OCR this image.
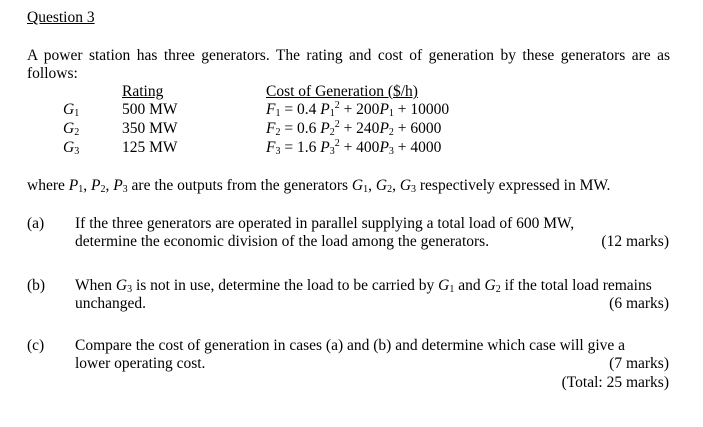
Question 3
A power station has three generators. The rating and cost of generation by these generators are as follows:
Rating	Cost of Generation ($/h)
$G_1$	500 MW	$F_1 = 0.4$ $P_1^2 + 200P_1 + 10000$
$G_2$	350 MW	$F_2 = 0.6$ $P_2^2 + 240P_2 + 6000$
$G_3$	125 MW	$F_3 = 1.6$ $P_3^2 + 400P_3 + 4000$
where $P_1$, $P_2$, $P_3$ are the outputs from the generators $G_1$, $G_2$, $G_3$ respectively expressed in MW.
(a) If the three generators are operated in parallel supplying a total load of 600 MW, determine the economic division of the load among the generators.	(12 marks)
(b) When $G_3$ is not in use, determine the load to be carried by $G_1$ and $G_2$ if the total load remains unchanged.	(6 marks)
(c) Compare the cost of generation in cases (a) and (b) and determine which case will give a lower operating cost.	(7 marks)
(Total: 25 marks)
